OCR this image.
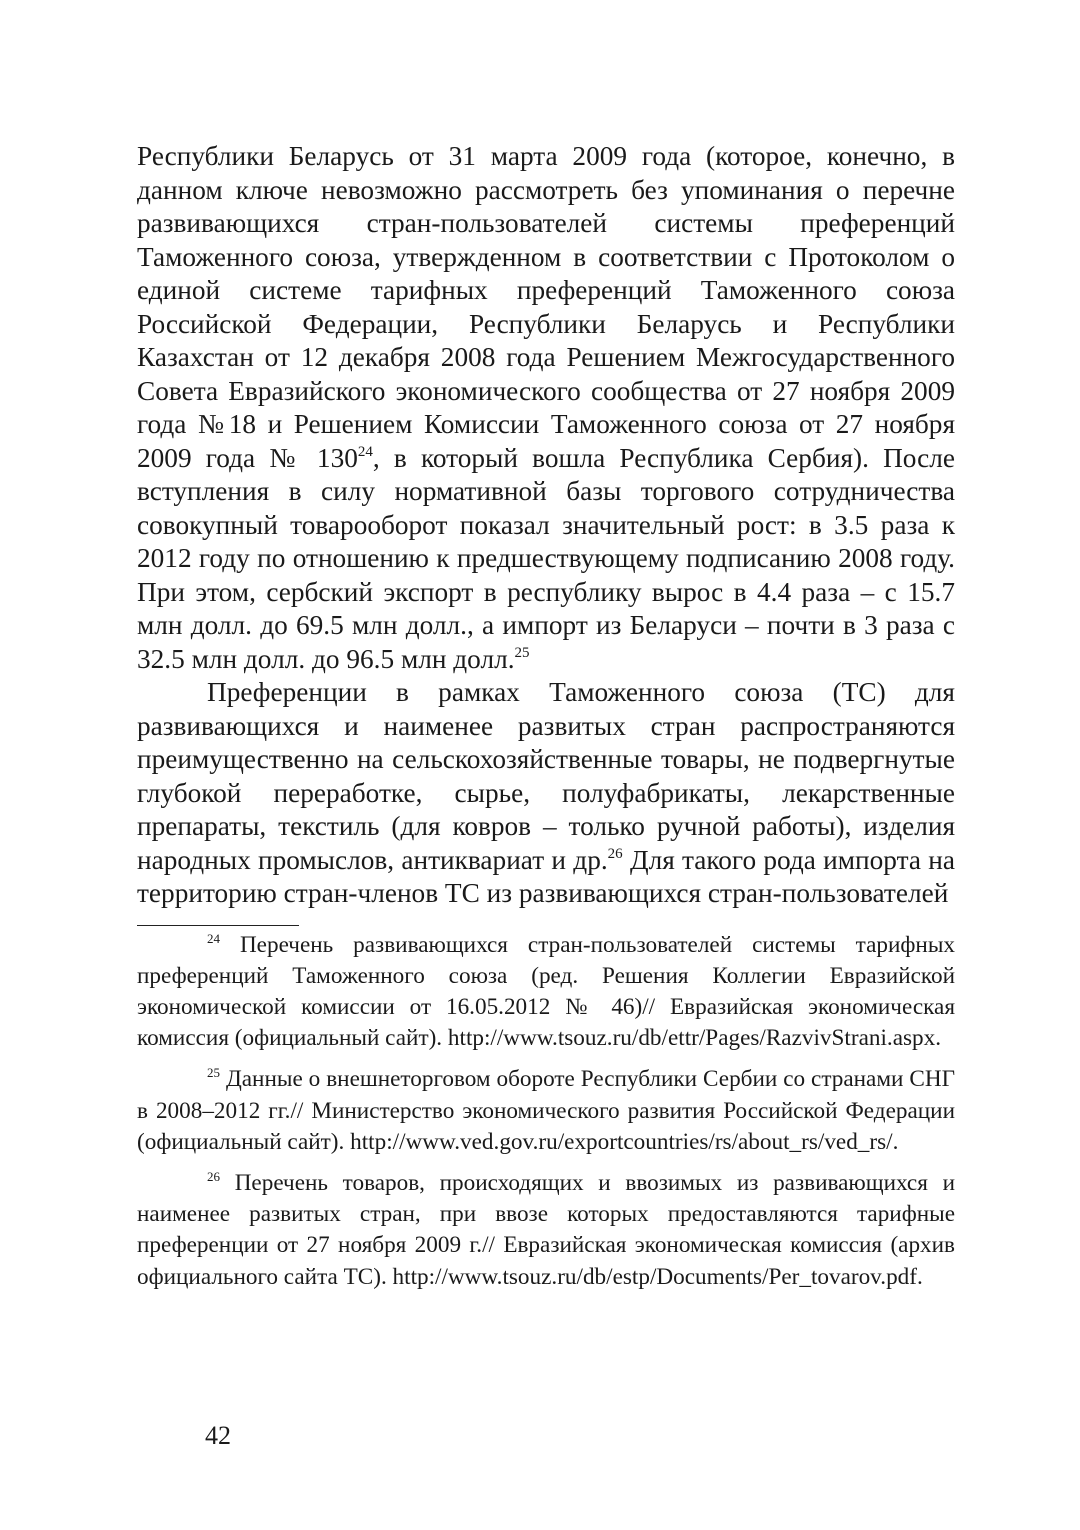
Республики Беларусь от 31 марта 2009 года (которое, конечно, в данном ключе невозможно рассмотреть без упоминания о перечне развивающихся стран-пользователей системы преференций Таможенного союза, утвержденном в соответствии с Протоколом о единой системе тарифных преференций Таможенного союза Российской Федерации, Республики Беларусь и Республики Казахстан от 12 декабря 2008 года Решением Межгосударственного Совета Евразийского экономического сообщества от 27 ноября 2009 года №18 и Решением Комиссии Таможенного союза от 27 ноября 2009 года № $130^{24}$, в который вошла Республика Сербия). После вступления в силу нормативной базы торгового сотрудничества совокупный товарооборот показал значительный рост: в 3.5 раза к 2012 году по отношению к предшествующему подписанию 2008 году. При этом, сербский экспорт в республику вырос в 4.4 раза – с 15.7 млн долл. до 69.5 млн долл., а импорт из Беларуси – почти в 3 раза с 32.5 млн долл. до 96.5 млн долл.$^{25}$

Преференции в рамках Таможенного союза (ТС) для развивающихся и наименее развитых стран распространяются преимущественно на сельскохозяйственные товары, не подвергнутые глубокой переработке, сырье, полуфабрикаты, лекарственные препараты, текстиль (для ковров – только ручной работы), изделия народных промыслов, антиквариат и др.$^{26}$ Для такого рода импорта на территорию стран-членов ТС из развивающихся стран-пользователей

$^{24}$ Перечень развивающихся стран-пользователей системы тарифных преференций Таможенного союза (ред. Решения Коллегии Евразийской экономической комиссии от 16.05.2012 № 46)// Евразийская экономическая комиссия (официальный сайт). http://www.tsouz.ru/db/ettr/Pages/RazvivStrani.aspx.

$^{25}$ Данные о внешнеторговом обороте Республики Сербии со странами СНГ в 2008–2012 гг.// Министерство экономического развития Российской Федерации (официальный сайт). http://www.ved.gov.ru/exportcountries/rs/about_rs/ved_rs/.

$^{26}$ Перечень товаров, происходящих и ввозимых из развивающихся и наименее развитых стран, при ввозе которых предоставляются тарифные преференции от 27 ноября 2009 г.// Евразийская экономическая комиссия (архив официального сайта ТС). http://www.tsouz.ru/db/estp/Documents/Per_tovarov.pdf.

42
